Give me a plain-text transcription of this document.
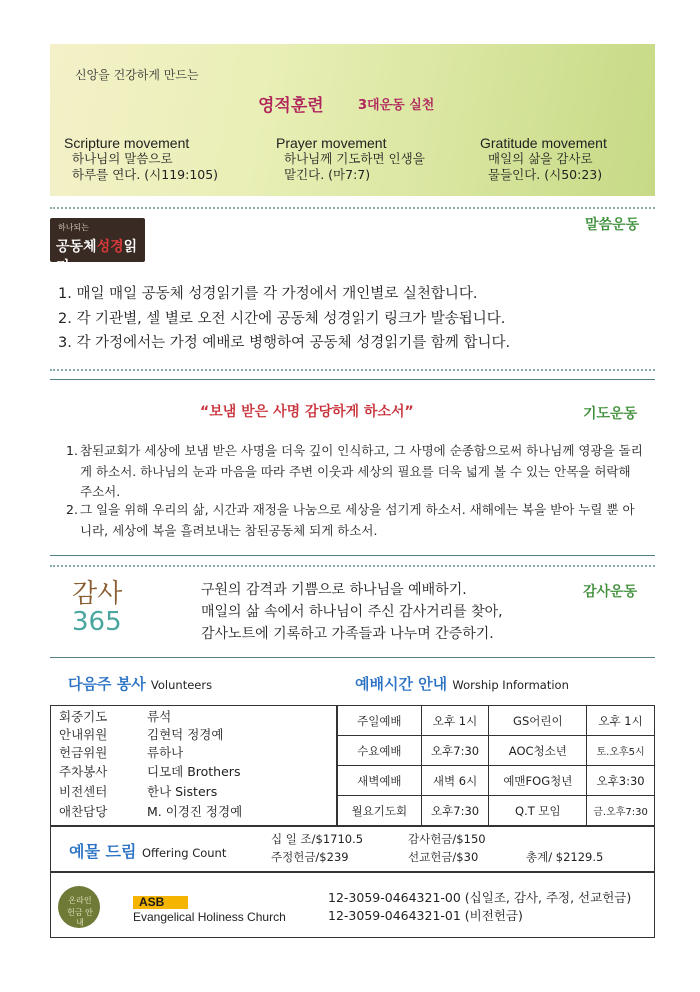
신앙을 건강하게 만드는
영적훈련	3대운동 실천
Scripture movement
하나님의 말씀으로
하루를 연다. (시119:105)
Prayer movement
하나님께 기도하면 인생을
맡긴다. (마7:7)
Gratitude movement
매일의 삶을 감사로
물들인다. (시50:23)
하나되는
공동체성경읽기
말씀운동
1. 매일 매일 공동체 성경읽기를 각 가정에서 개인별로 실천합니다.
2. 각 기관별, 셀 별로 오전 시간에 공동체 성경읽기 링크가 발송됩니다.
3. 각 가정에서는 가정 예배로 병행하여 공동체 성경읽기를 함께 합니다.
“보냄 받은 사명 감당하게 하소서”	기도운동
1. 참된교회가 세상에 보냄 받은 사명을 더욱 깊이 인식하고, 그 사명에 순종함으로써 하나님께 영광을 돌리게 하소서. 하나님의 눈과 마음을 따라 주변 이웃과 세상의 필요를 더욱 넓게 볼 수 있는 안목을 허락해 주소서.
2. 그 일을 위해 우리의 삶, 시간과 재정을 나눔으로 세상을 섬기게 하소서. 새해에는 복을 받아 누릴 뿐 아니라, 세상에 복을 흘려보내는 참된공동체 되게 하소서.
감사
365
구원의 감격과 기쁨으로 하나님을 예배하기.
매일의 삶 속에서 하나님이 주신 감사거리를 찾아,
감사노트에 기록하고 가족들과 나누며 간증하기.
감사운동
다음주 봉사 Volunteers	예배시간 안내 Worship Information
회중기도	류석
안내위원	김현덕 정경예
헌금위원	류하나
주차봉사	디모데 Brothers
비전센터	한나 Sisters
애찬담당	M. 이경진 정경예
주일예배	오후 1시	GS어린이	오후 1시
수요예배	오후7:30	AOC청소년	토.오후5시
새벽예배	새벽 6시	예맨FOG청년	오후3:30
월요기도회	오후7:30	Q.T 모임	금.오후7:30
예물 드림 Offering Count
십 일 조/$1710.5	감사헌금/$150
주정헌금/$239	선교헌금/$30	총계/ $2129.5
온라인
헌금 안내
ASB
Evangelical Holiness Church
12-3059-0464321-00 (십일조, 감사, 주정, 선교헌금)
12-3059-0464321-01 (비전헌금)
